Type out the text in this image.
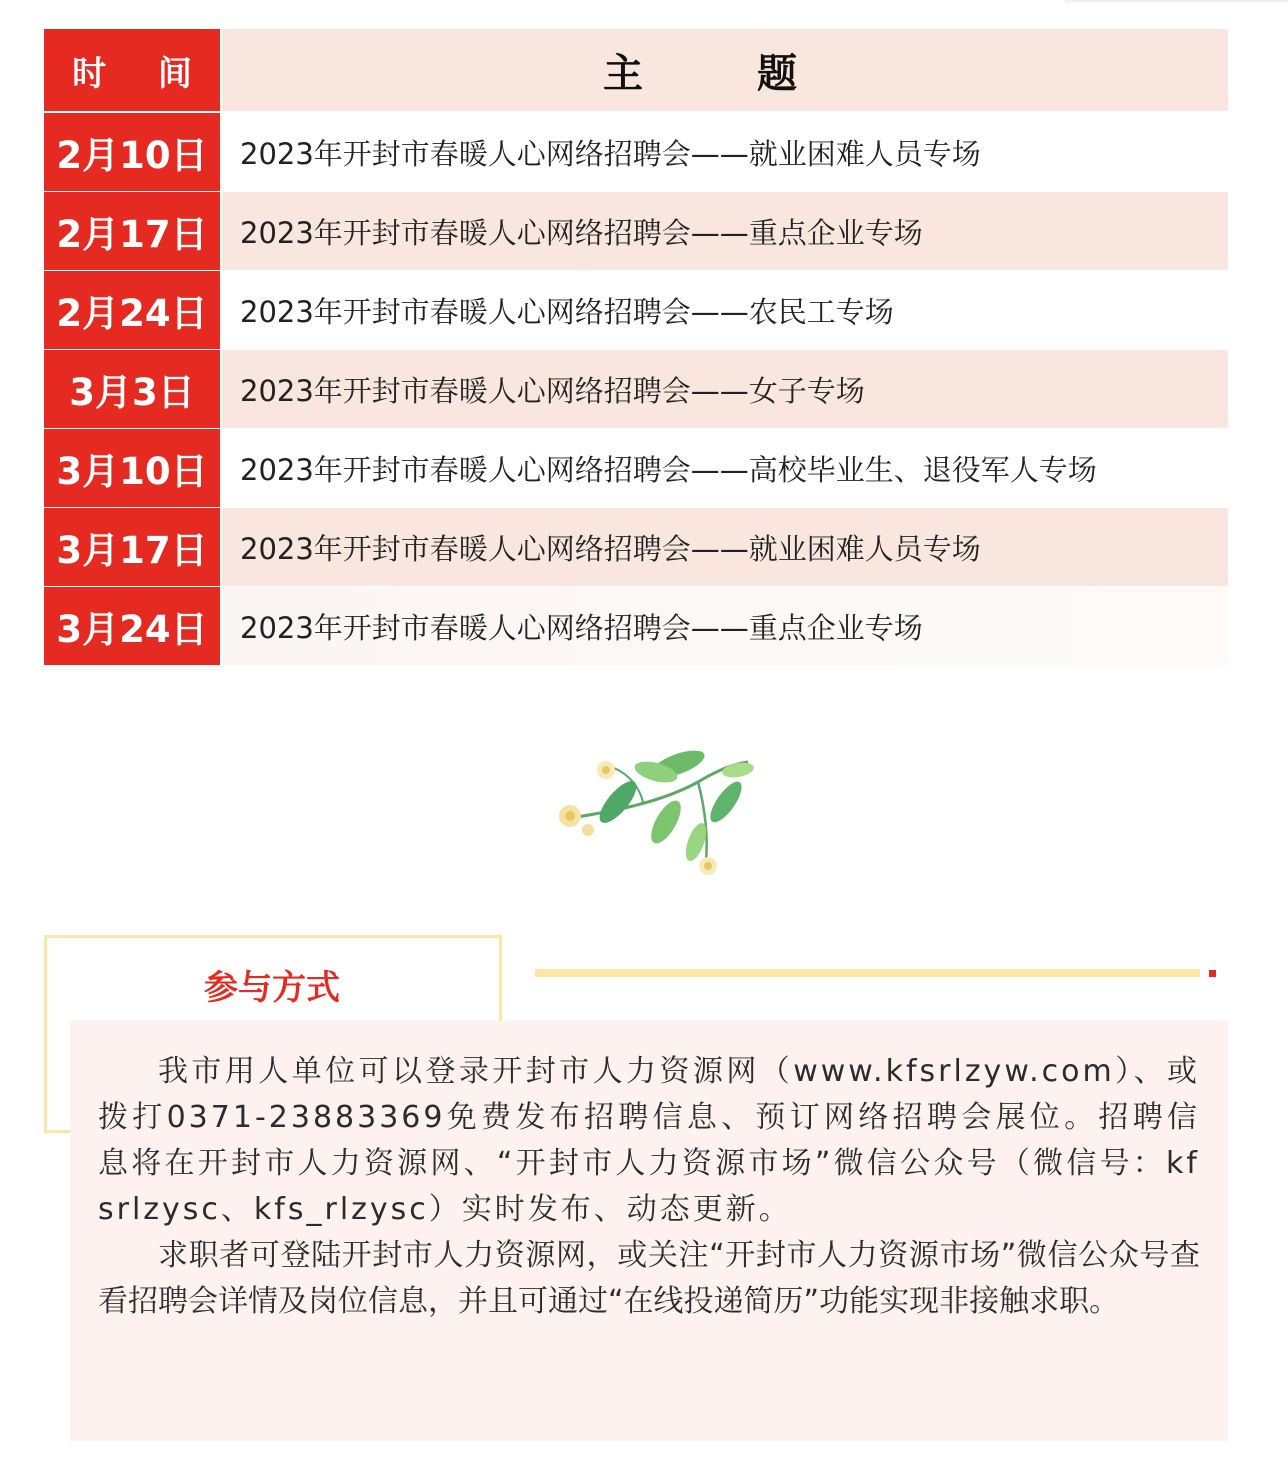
时 间	主 题
2月10日	2023年开封市春暖人心网络招聘会——就业困难人员专场
2月17日	2023年开封市春暖人心网络招聘会——重点企业专场
2月24日	2023年开封市春暖人心网络招聘会——农民工专场
3月3日	2023年开封市春暖人心网络招聘会——女子专场
3月10日	2023年开封市春暖人心网络招聘会——高校毕业生、退役军人专场
3月17日	2023年开封市春暖人心网络招聘会——就业困难人员专场
3月24日	2023年开封市春暖人心网络招聘会——重点企业专场
参与方式

我市用人单位可以登录开封市人力资源网（www.kfsrlzyw.com）、或拨打0371-23883369免费发布招聘信息、预订网络招聘会展位。招聘信息将在开封市人力资源网、“开封市人力资源市场”微信公众号（微信号：kfsrlzysc、kfs_rlzysc）实时发布、动态更新。

求职者可登陆开封市人力资源网，或关注“开封市人力资源市场”微信公众号查看招聘会详情及岗位信息，并且可通过“在线投递简历”功能实现非接触求职。
